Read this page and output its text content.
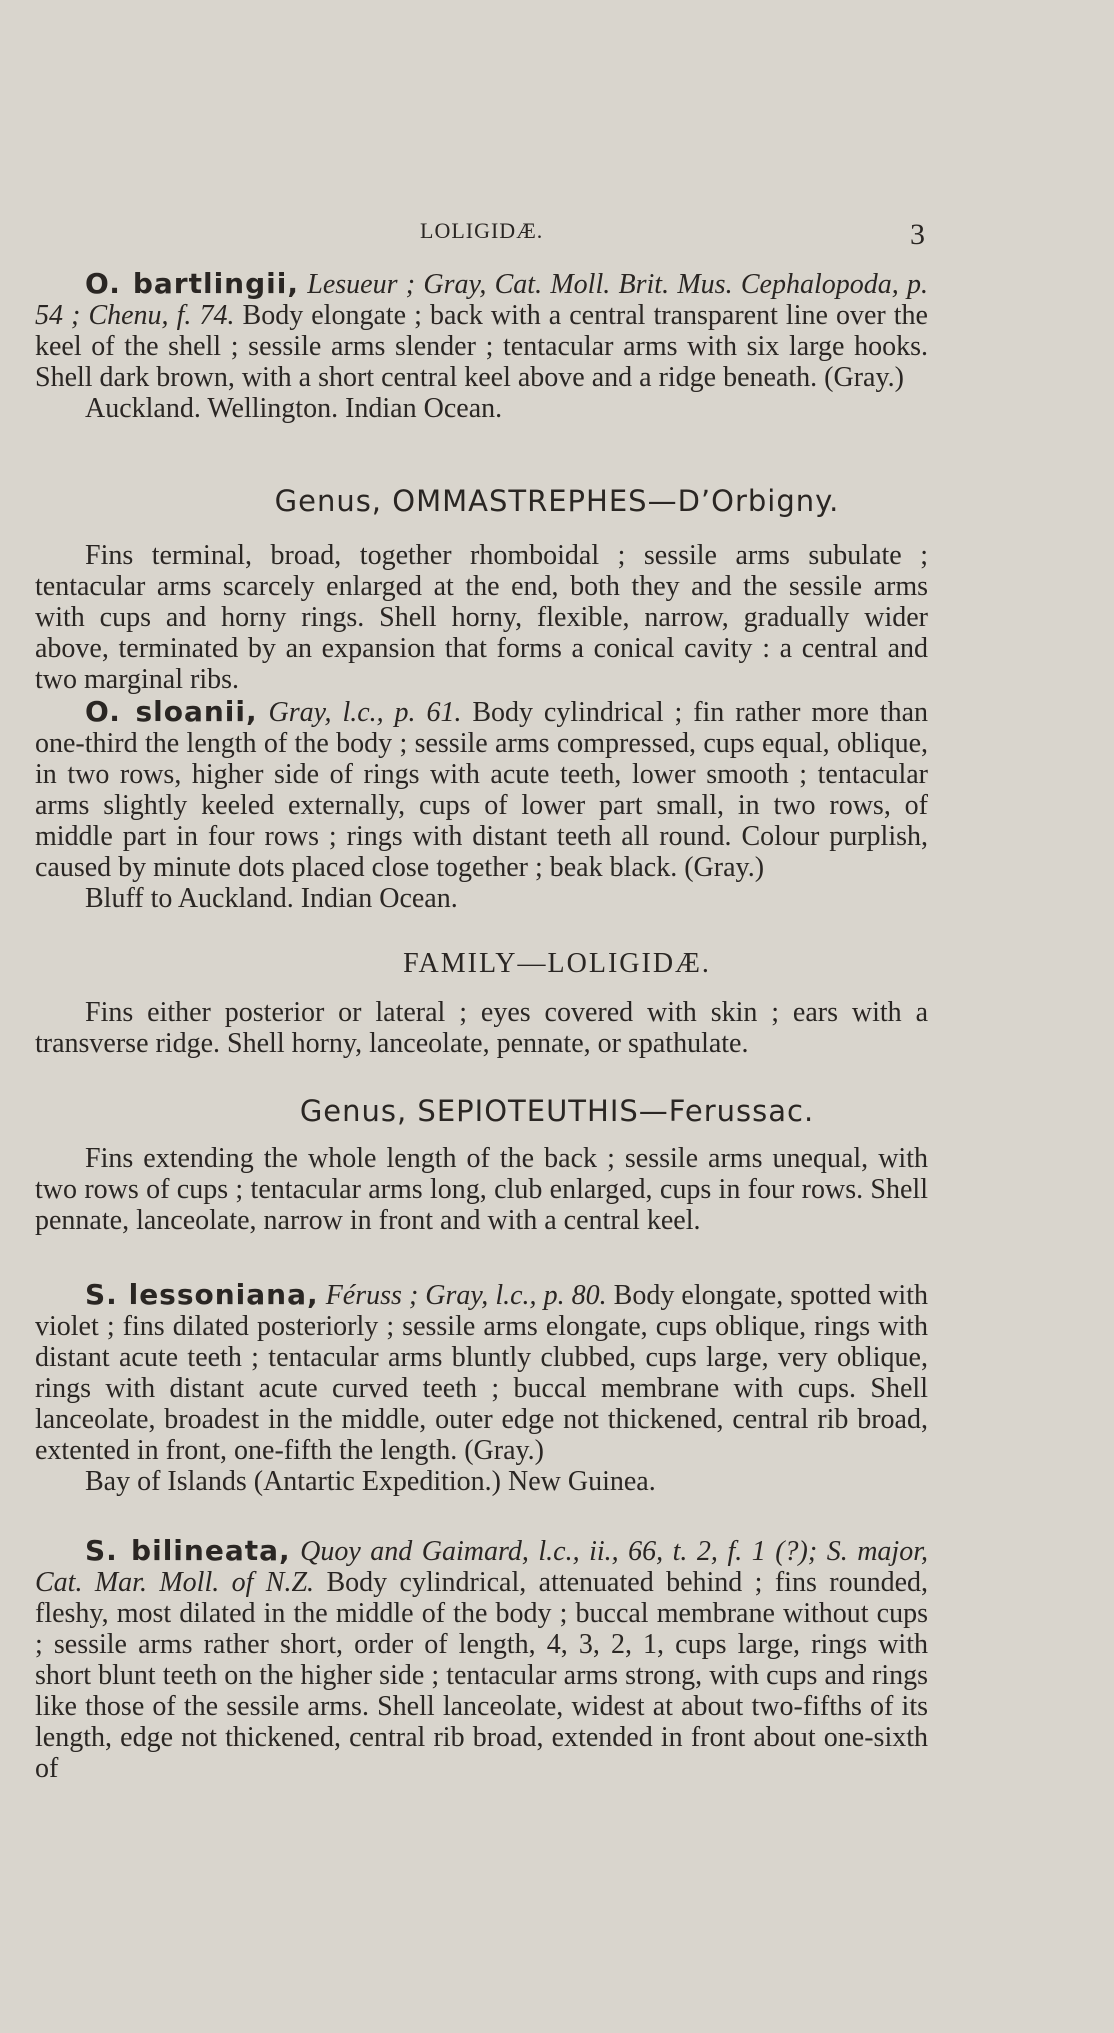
LOLIGIDÆ.	3

O. bartlingii, Lesueur ; Gray, Cat. Moll. Brit. Mus. Cephalopoda, p. 54 ; Chenu, f. 74. Body elongate ; back with a central transparent line over the keel of the shell ; sessile arms slender ; tentacular arms with six large hooks. Shell dark brown, with a short central keel above and a ridge beneath. (Gray.)

Auckland. Wellington. Indian Ocean.

Genus, OMMASTREPHES—D’Orbigny.

Fins terminal, broad, together rhomboidal ; sessile arms subulate ; tentacular arms scarcely enlarged at the end, both they and the sessile arms with cups and horny rings. Shell horny, flexible, narrow, gradually wider above, terminated by an expansion that forms a conical cavity : a central and two marginal ribs.

O. sloanii, Gray, l.c., p. 61. Body cylindrical ; fin rather more than one-third the length of the body ; sessile arms compressed, cups equal, oblique, in two rows, higher side of rings with acute teeth, lower smooth ; tentacular arms slightly keeled externally, cups of lower part small, in two rows, of middle part in four rows ; rings with distant teeth all round. Colour purplish, caused by minute dots placed close together ; beak black. (Gray.)

Bluff to Auckland. Indian Ocean.

FAMILY—LOLIGIDÆ.

Fins either posterior or lateral ; eyes covered with skin ; ears with a transverse ridge. Shell horny, lanceolate, pennate, or spathulate.

Genus, SEPIOTEUTHIS—Ferussac.

Fins extending the whole length of the back ; sessile arms unequal, with two rows of cups ; tentacular arms long, club enlarged, cups in four rows. Shell pennate, lanceolate, narrow in front and with a central keel.

S. lessoniana, Féruss ; Gray, l.c., p. 80. Body elongate, spotted with violet ; fins dilated posteriorly ; sessile arms elongate, cups oblique, rings with distant acute teeth ; tentacular arms bluntly clubbed, cups large, very oblique, rings with distant acute curved teeth ; buccal membrane with cups. Shell lanceolate, broadest in the middle, outer edge not thickened, central rib broad, extented in front, one-fifth the length. (Gray.)

Bay of Islands (Antartic Expedition.) New Guinea.

S. bilineata, Quoy and Gaimard, l.c., ii., 66, t. 2, f. 1 (?); S. major, Cat. Mar. Moll. of N.Z. Body cylindrical, attenuated behind ; fins rounded, fleshy, most dilated in the middle of the body ; buccal membrane without cups ; sessile arms rather short, order of length, 4, 3, 2, 1, cups large, rings with short blunt teeth on the higher side ; tentacular arms strong, with cups and rings like those of the sessile arms. Shell lanceolate, widest at about two-fifths of its length, edge not thickened, central rib broad, extended in front about one-sixth of
